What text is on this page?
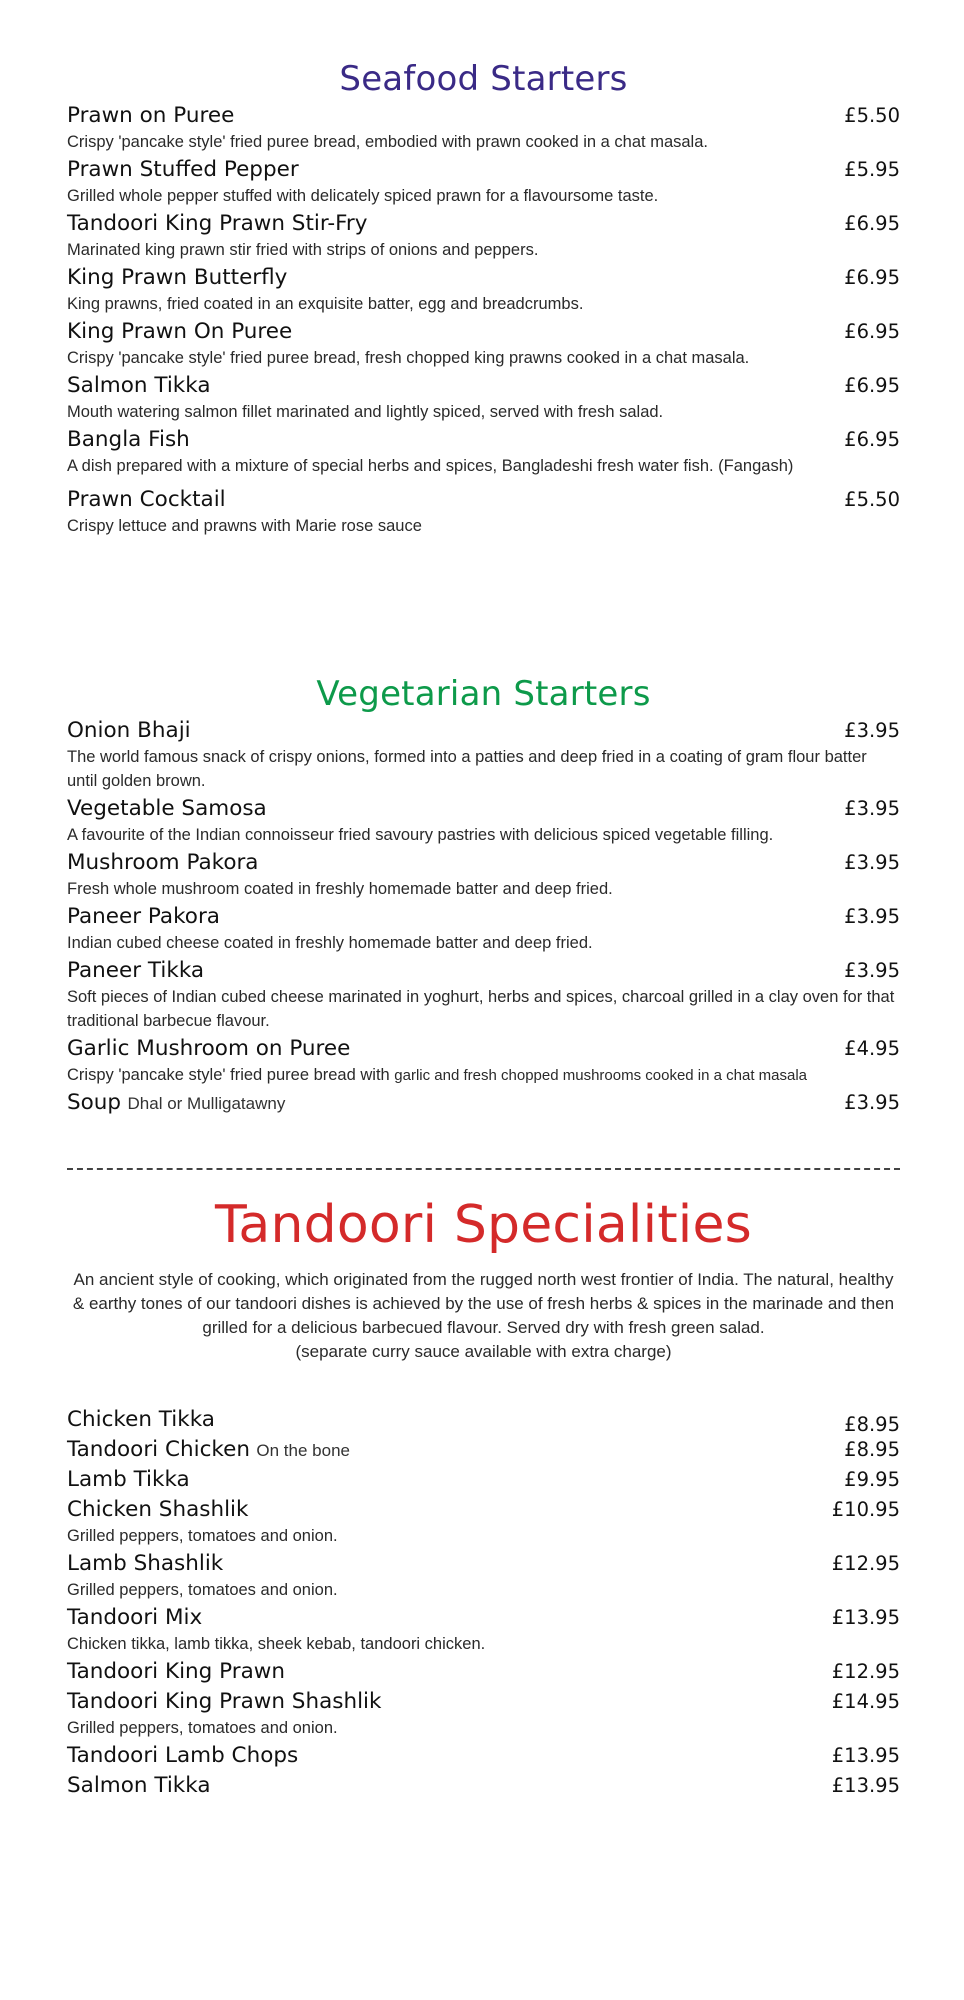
Seafood Starters
Prawn on Puree	£5.50
Crispy 'pancake style' fried puree bread, embodied with prawn cooked in a chat masala.
Prawn Stuffed Pepper	£5.95
Grilled whole pepper stuffed with delicately spiced prawn for a flavoursome taste.
Tandoori King Prawn Stir-Fry	£6.95
Marinated king prawn stir fried with strips of onions and peppers.
King Prawn Butterfly	£6.95
King prawns, fried coated in an exquisite batter, egg and breadcrumbs.
King Prawn On Puree	£6.95
Crispy 'pancake style' fried puree bread, fresh chopped king prawns cooked in a chat masala.
Salmon Tikka	£6.95
Mouth watering salmon fillet marinated and lightly spiced, served with fresh salad.
Bangla Fish	£6.95
A dish prepared with a mixture of special herbs and spices, Bangladeshi fresh water fish. (Fangash)
Prawn Cocktail	£5.50
Crispy lettuce and prawns with Marie rose sauce
Vegetarian Starters
Onion Bhaji	£3.95
The world famous snack of crispy onions, formed into a patties and deep fried in a coating of gram flour batter until golden brown.
Vegetable Samosa	£3.95
A favourite of the Indian connoisseur fried savoury pastries with delicious spiced vegetable filling.
Mushroom Pakora	£3.95
Fresh whole mushroom coated in freshly homemade batter and deep fried.
Paneer Pakora	£3.95
Indian cubed cheese coated in freshly homemade batter and deep fried.
Paneer Tikka	£3.95
Soft pieces of Indian cubed cheese marinated in yoghurt, herbs and spices, charcoal grilled in a clay oven for that traditional barbecue flavour.
Garlic Mushroom on Puree	£4.95
Crispy 'pancake style' fried puree bread with garlic and fresh chopped mushrooms cooked in a chat masala
Soup Dhal or Mulligatawny	£3.95
Tandoori Specialities

An ancient style of cooking, which originated from the rugged north west frontier of India. The natural, healthy & earthy tones of our tandoori dishes is achieved by the use of fresh herbs & spices in the marinade and then grilled for a delicious barbecued flavour. Served dry with fresh green salad.

(separate curry sauce available with extra charge)

Chicken Tikka	£8.95
Tandoori Chicken On the bone	£8.95
Lamb Tikka	£9.95
Chicken Shashlik	£10.95
Grilled peppers, tomatoes and onion.
Lamb Shashlik	£12.95
Grilled peppers, tomatoes and onion.
Tandoori Mix	£13.95
Chicken tikka, lamb tikka, sheek kebab, tandoori chicken.
Tandoori King Prawn	£12.95
Tandoori King Prawn Shashlik	£14.95
Grilled peppers, tomatoes and onion.
Tandoori Lamb Chops	£13.95
Salmon Tikka	£13.95
